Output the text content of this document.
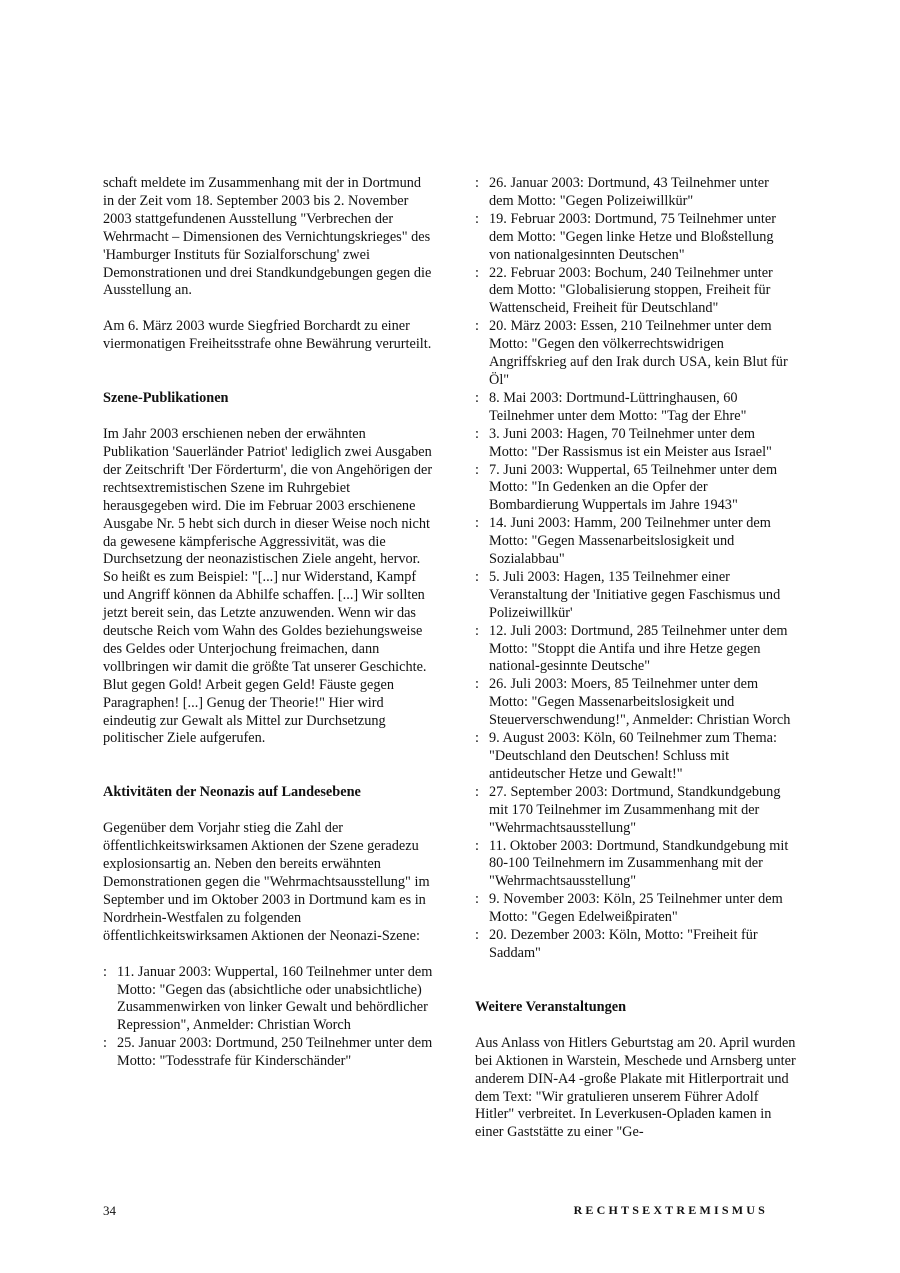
schaft meldete im Zusammenhang mit der in Dortmund in der Zeit vom 18. September 2003 bis 2. November 2003 stattgefundenen Ausstellung "Verbrechen der Wehrmacht – Dimensionen des Vernichtungskrieges" des 'Hamburger Instituts für Sozialforschung' zwei Demonstrationen und drei Standkundgebungen gegen die Ausstellung an.

Am 6. März 2003 wurde Siegfried Borchardt zu einer viermonatigen Freiheitsstrafe ohne Bewährung verurteilt.

Szene-Publikationen

Im Jahr 2003 erschienen neben der erwähnten Publikation 'Sauerländer Patriot' lediglich zwei Ausgaben der Zeitschrift 'Der Förderturm', die von Angehörigen der rechtsextremistischen Szene im Ruhrgebiet herausgegeben wird. Die im Februar 2003 erschienene Ausgabe Nr. 5 hebt sich durch in dieser Weise noch nicht da gewesene kämpferische Aggressivität, was die Durchsetzung der neonazistischen Ziele angeht, hervor. So heißt es zum Beispiel: "[...] nur Widerstand, Kampf und Angriff können da Abhilfe schaffen. [...] Wir sollten jetzt bereit sein, das Letzte anzuwenden. Wenn wir das deutsche Reich vom Wahn des Goldes beziehungsweise des Geldes oder Unterjochung freimachen, dann vollbringen wir damit die größte Tat unserer Geschichte. Blut gegen Gold! Arbeit gegen Geld! Fäuste gegen Paragraphen! [...] Genug der Theorie!" Hier wird eindeutig zur Gewalt als Mittel zur Durchsetzung politischer Ziele aufgerufen.

Aktivitäten der Neonazis auf Landesebene

Gegenüber dem Vorjahr stieg die Zahl der öffentlichkeitswirksamen Aktionen der Szene geradezu explosionsartig an. Neben den bereits erwähnten Demonstrationen gegen die "Wehrmachtsausstellung" im September und im Oktober 2003 in Dortmund kam es in Nordrhein-Westfalen zu folgenden öffentlichkeitswirksamen Aktionen der Neonazi-Szene:

: 11. Januar 2003: Wuppertal, 160 Teilnehmer unter dem Motto: "Gegen das (absichtliche oder unabsichtliche) Zusammenwirken von linker Gewalt und behördlicher Repression", Anmelder: Christian Worch
: 25. Januar 2003: Dortmund, 250 Teilnehmer unter dem Motto: "Todesstrafe für Kinderschänder"
: 26. Januar 2003: Dortmund, 43 Teilnehmer unter dem Motto: "Gegen Polizeiwillkür"
: 19. Februar 2003: Dortmund, 75 Teilnehmer unter dem Motto: "Gegen linke Hetze und Bloßstellung von nationalgesinnten Deutschen"
: 22. Februar 2003: Bochum, 240 Teilnehmer unter dem Motto: "Globalisierung stoppen, Freiheit für Wattenscheid, Freiheit für Deutschland"
: 20. März 2003: Essen, 210 Teilnehmer unter dem Motto: "Gegen den völkerrechtswidrigen Angriffskrieg auf den Irak durch USA, kein Blut für Öl"
: 8. Mai 2003: Dortmund-Lüttringhausen, 60 Teilnehmer unter dem Motto: "Tag der Ehre"
: 3. Juni 2003: Hagen, 70 Teilnehmer unter dem Motto: "Der Rassismus ist ein Meister aus Israel"
: 7. Juni 2003: Wuppertal, 65 Teilnehmer unter dem Motto: "In Gedenken an die Opfer der Bombardierung Wuppertals im Jahre 1943"
: 14. Juni 2003: Hamm, 200 Teilnehmer unter dem Motto: "Gegen Massenarbeitslosigkeit und Sozialabbau"
: 5. Juli 2003: Hagen, 135 Teilnehmer einer Veranstaltung der 'Initiative gegen Faschismus und Polizeiwillkür'
: 12. Juli 2003: Dortmund, 285 Teilnehmer unter dem Motto: "Stoppt die Antifa und ihre Hetze gegen national-gesinnte Deutsche"
: 26. Juli 2003: Moers, 85 Teilnehmer unter dem Motto: "Gegen Massenarbeitslosigkeit und Steuerverschwendung!", Anmelder: Christian Worch
: 9. August 2003: Köln, 60 Teilnehmer zum Thema: "Deutschland den Deutschen! Schluss mit antideutscher Hetze und Gewalt!"
: 27. September 2003: Dortmund, Standkundgebung mit 170 Teilnehmer im Zusammenhang mit der "Wehrmachtsausstellung"
: 11. Oktober 2003: Dortmund, Standkundgebung mit 80-100 Teilnehmern im Zusammenhang mit der "Wehrmachtsausstellung"
: 9. November 2003: Köln, 25 Teilnehmer unter dem Motto: "Gegen Edelweißpiraten"
: 20. Dezember 2003: Köln, Motto: "Freiheit für Saddam"

Weitere Veranstaltungen

Aus Anlass von Hitlers Geburtstag am 20. April wurden bei Aktionen in Warstein, Meschede und Arnsberg unter anderem DIN-A4 -große Plakate mit Hitlerportrait und dem Text: "Wir gratulieren unserem Führer Adolf Hitler" verbreitet. In Leverkusen-Opladen kamen in einer Gaststätte zu einer "Ge-

34	RECHTSEXTREMISMUS
